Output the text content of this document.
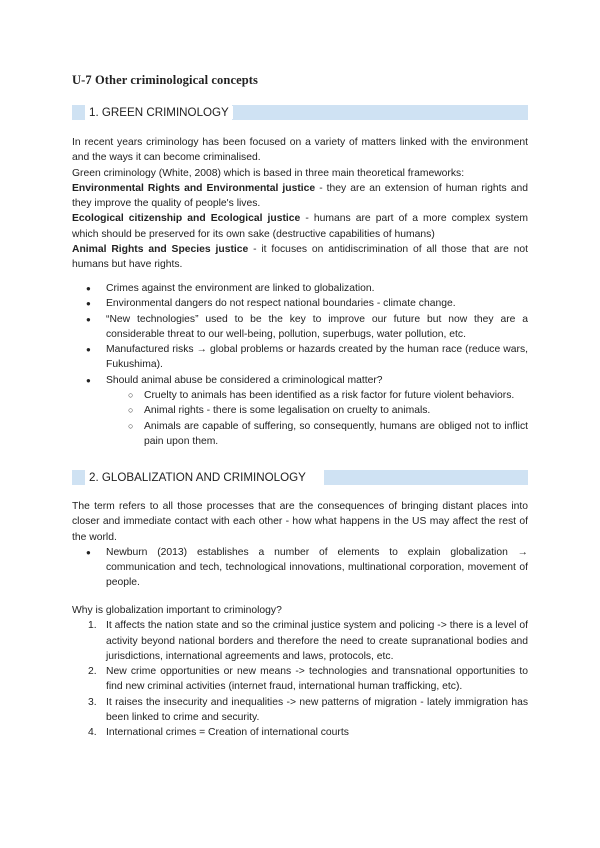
U-7 Other criminological concepts
1. GREEN CRIMINOLOGY

In recent years criminology has been focused on a variety of matters linked with the environment and the ways it can become criminalised.

Green criminology (White, 2008) which is based in three main theoretical frameworks:

Environmental Rights and Environmental justice - they are an extension of human rights and they improve the quality of people's lives.

Ecological citizenship and Ecological justice - humans are part of a more complex system which should be preserved for its own sake (destructive capabilities of humans)

Animal Rights and Species justice - it focuses on antidiscrimination of all those that are not humans but have rights.

● Crimes against the environment are linked to globalization.
● Environmental dangers do not respect national boundaries - climate change.
● “New technologies” used to be the key to improve our future but now they are a considerable threat to our well-being, pollution, superbugs, water pollution, etc.
● Manufactured risks → global problems or hazards created by the human race (reduce wars, Fukushima).
● Should animal abuse be considered a criminological matter?
○ Cruelty to animals has been identified as a risk factor for future violent behaviors.
○ Animal rights - there is some legalisation on cruelty to animals.
○ Animals are capable of suffering, so consequently, humans are obliged not to inflict pain upon them.
2. GLOBALIZATION AND CRIMINOLOGY

The term refers to all those processes that are the consequences of bringing distant places into closer and immediate contact with each other - how what happens in the US may affect the rest of the world.

● Newburn (2013) establishes a number of elements to explain globalization → communication and tech, technological innovations, multinational corporation, movement of people.

Why is globalization important to criminology?

1. It affects the nation state and so the criminal justice system and policing -> there is a level of activity beyond national borders and therefore the need to create supranational bodies and jurisdictions, international agreements and laws, protocols, etc.
2. New crime opportunities or new means -> technologies and transnational opportunities to find new criminal activities (internet fraud, international human trafficking, etc).
3. It raises the insecurity and inequalities -> new patterns of migration - lately immigration has been linked to crime and security.
4. International crimes = Creation of international courts
